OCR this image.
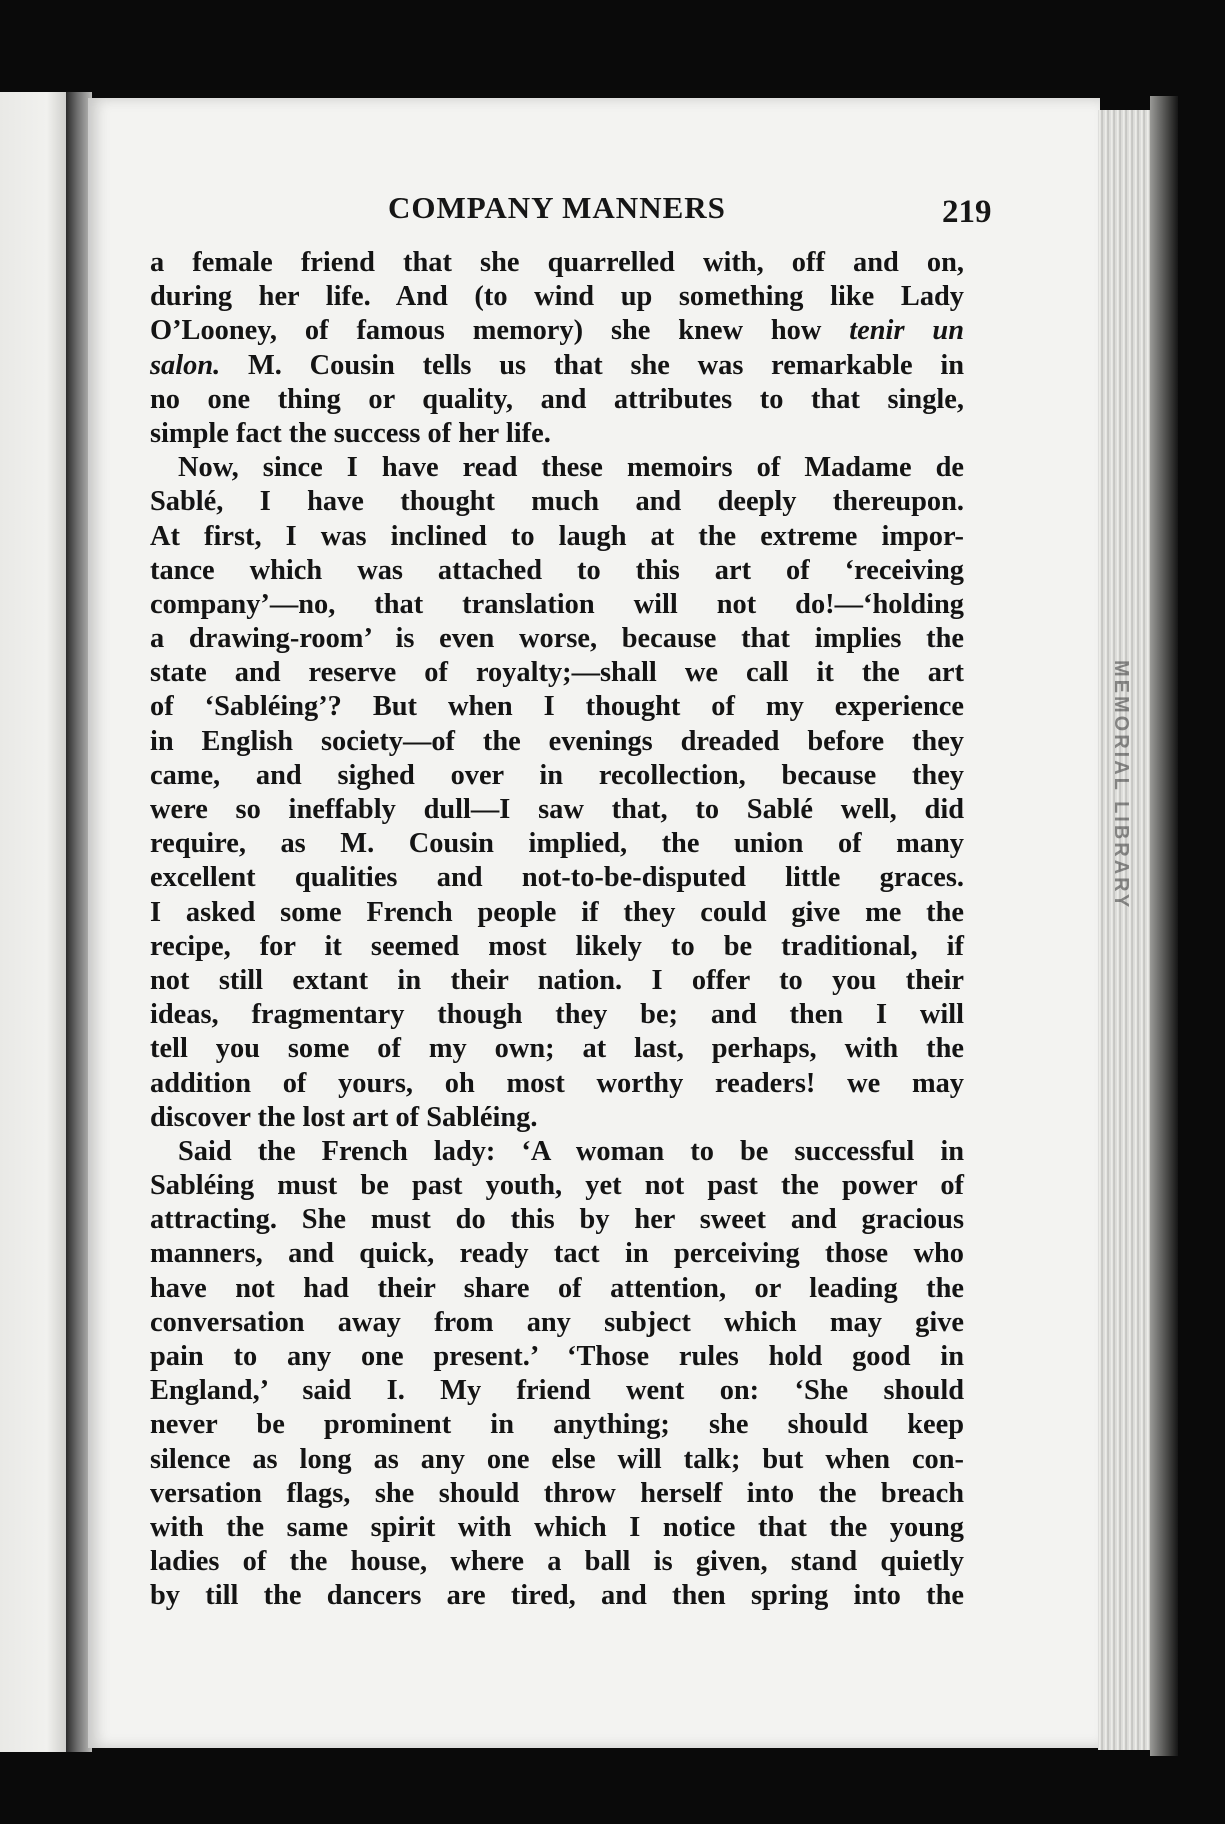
MEMORIAL LIBRARY
COMPANY MANNERS	219
a female friend that she quarrelled with, off and on,
during her life. And (to wind up something like Lady
O’Looney, of famous memory) she knew how tenir un
salon. M. Cousin tells us that she was remarkable in
no one thing or quality, and attributes to that single,
simple fact the success of her life.
Now, since I have read these memoirs of Madame de
Sablé, I have thought much and deeply thereupon.
At first, I was inclined to laugh at the extreme impor-
tance which was attached to this art of ‘receiving
company’—no, that translation will not do!—‘holding
a drawing-room’ is even worse, because that implies the
state and reserve of royalty;—shall we call it the art
of ‘Sabléing’? But when I thought of my experience
in English society—of the evenings dreaded before they
came, and sighed over in recollection, because they
were so ineffably dull—I saw that, to Sablé well, did
require, as M. Cousin implied, the union of many
excellent qualities and not-to-be-disputed little graces.
I asked some French people if they could give me the
recipe, for it seemed most likely to be traditional, if
not still extant in their nation. I offer to you their
ideas, fragmentary though they be; and then I will
tell you some of my own; at last, perhaps, with the
addition of yours, oh most worthy readers! we may
discover the lost art of Sabléing.
Said the French lady: ‘A woman to be successful in
Sabléing must be past youth, yet not past the power of
attracting. She must do this by her sweet and gracious
manners, and quick, ready tact in perceiving those who
have not had their share of attention, or leading the
conversation away from any subject which may give
pain to any one present.’ ‘Those rules hold good in
England,’ said I. My friend went on: ‘She should
never be prominent in anything; she should keep
silence as long as any one else will talk; but when con-
versation flags, she should throw herself into the breach
with the same spirit with which I notice that the young
ladies of the house, where a ball is given, stand quietly
by till the dancers are tired, and then spring into the
